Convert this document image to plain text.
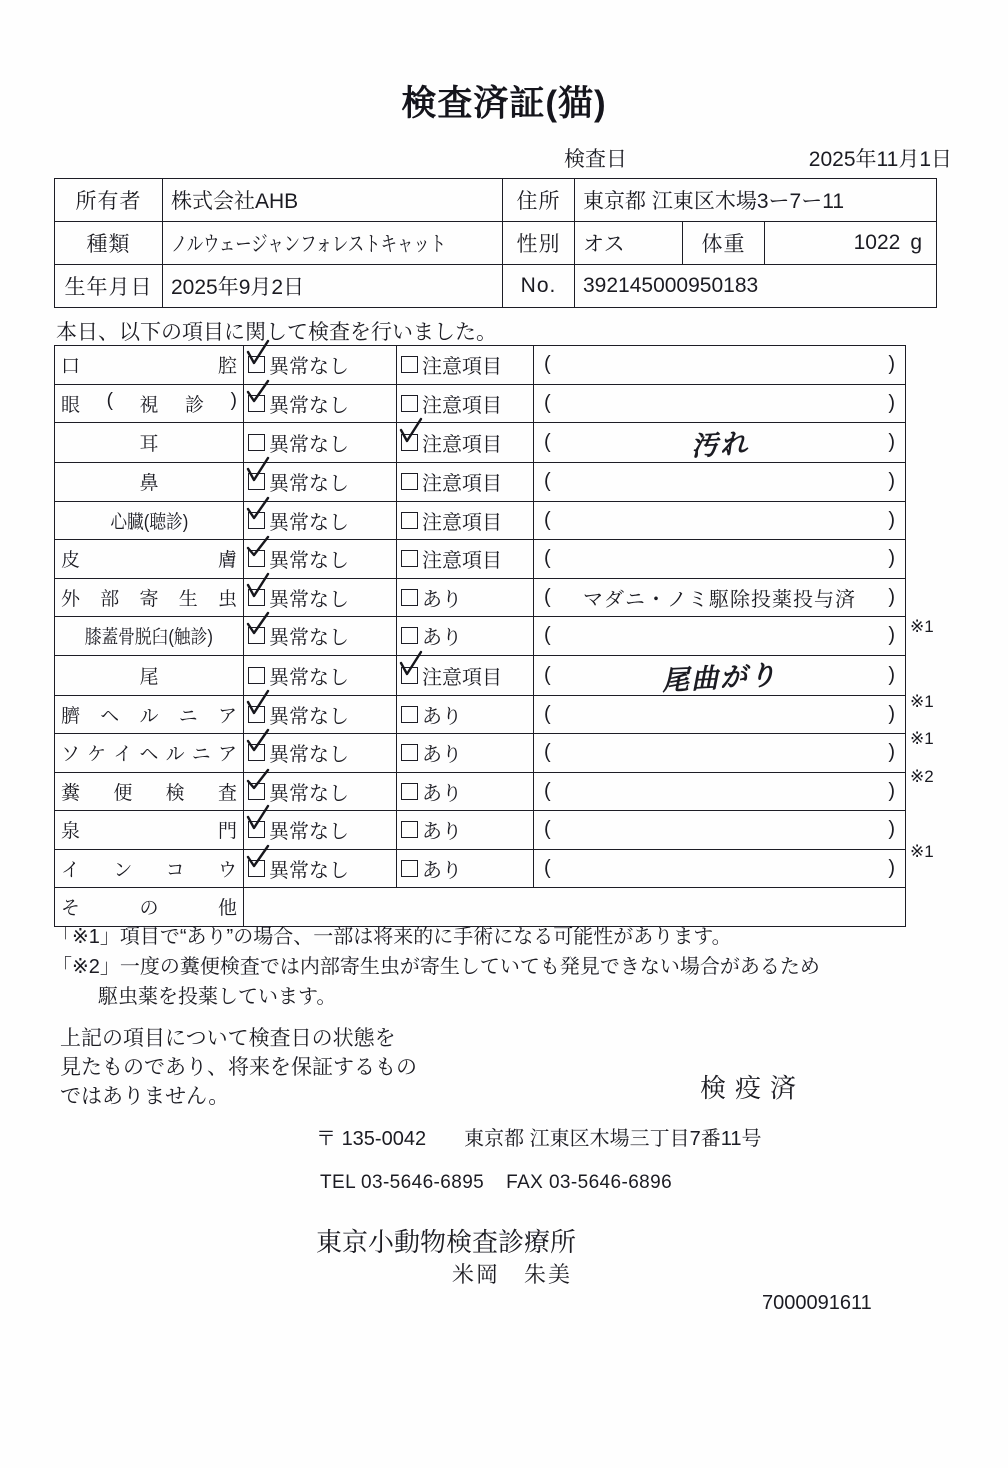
検査済証(猫)
検査日	2025年11月1日
所有者	株式会社AHB	住所	東京都 江東区木場3ー7ー11		
種類	ノルウェージャンフォレストキャット	性別	オス	体重	1022 g
生年月日	2025年9月2日	No.	392145000950183		
本日、以下の項目に関して検査を行いました。
口 腔	異常なし	注意項目	( )

眼 ( 視 診 )	異常なし	注意項目	( )

耳	異常なし	注意項目	( 汚れ )

鼻	異常なし	注意項目	( )

心臓(聴診)	異常なし	注意項目	( )

皮 膚	異常なし	注意項目	( )

外 部 寄 生 虫	異常なし	あり	( マダニ・ノミ駆除投薬投与済 )

膝蓋骨脱臼(触診)	異常なし	あり	( )

尾	異常なし	注意項目	( 尾曲がり )

臍 ヘ ル ニ ア	異常なし	あり	( )

ソ ケ イ ヘ ル ニ ア	異常なし	あり	(	)

糞 便 検 査	異常なし	あり	( )

泉 門	異常なし	あり	( )

イ ン コ ウ	異常なし	あり	( )

そ の 他			

※1
※1
※1
※2
※1
「※1」項目で“あり”の場合、一部は将来的に手術になる可能性があります。
「※2」一度の糞便検査では内部寄生虫が寄生していても発見できない場合があるため
駆虫薬を投薬しています。
上記の項目について検査日の状態を
見たものであり、将来を保証するもの
ではありません。	検疫済
〒 135-0042 東京都 江東区木場三丁目7番11号
TEL 03-5646-6895 FAX 03-5646-6896
東京小動物検査診療所
米岡　朱美
7000091611
